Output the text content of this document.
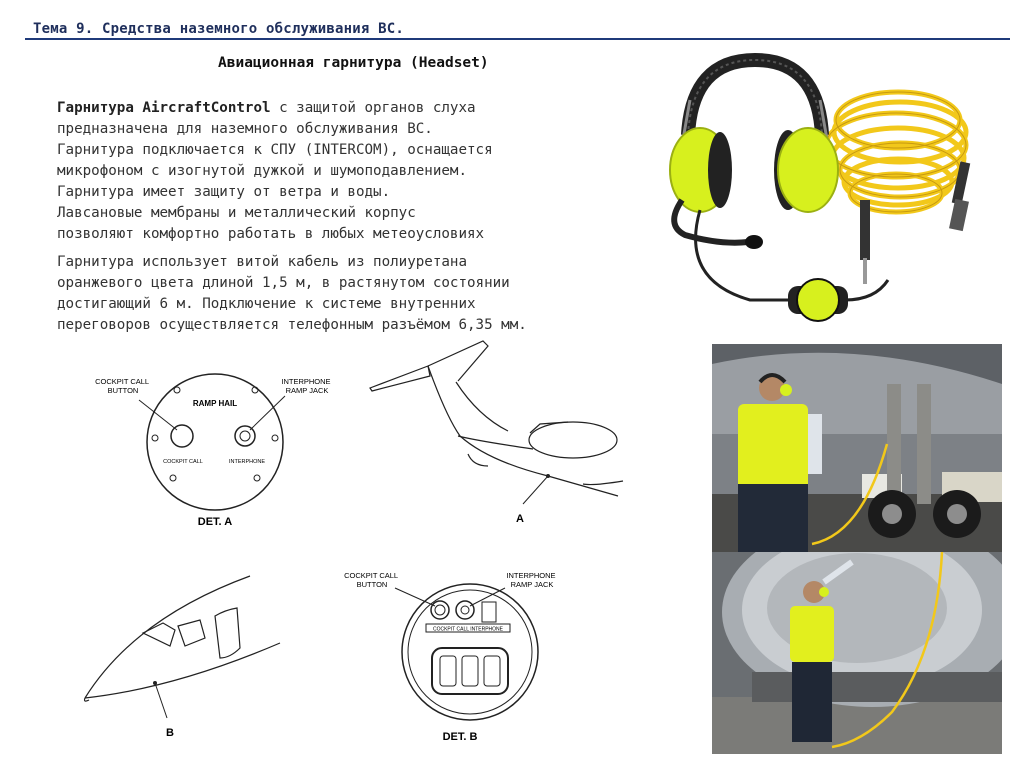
Тема 9. Средства наземного обслуживания ВС.
Авиационная гарнитура (Headset)
Гарнитура AircraftControl с защитой органов слуха
предназначена для наземного обслуживания ВС.
Гарнитура подключается к СПУ (INTERCOM), оснащается
микрофоном с изогнутой дужкой и шумоподавлением.
Гарнитура имеет защиту от ветра и воды.
Лавсановые мембраны и металлический корпус
позволяют комфортно работать в любых метеоусловиях
Гарнитура использует витой кабель из полиуретана
оранжевого цвета длиной 1,5 м, в растянутом состоянии
достигающий 6 м. Подключение к системе внутренних
переговоров осуществляется телефонным разъёмом 6,35 мм.
RAMP HAIL
COCKPIT CALL	INTERPHONE
COCKPIT CALL BUTTON
INTERPHONE RAMP JACK
DET. A	A
B
COCKPIT CALL INTERPHONE
COCKPIT CALL BUTTON
INTERPHONE RAMP JACK
DET. B
